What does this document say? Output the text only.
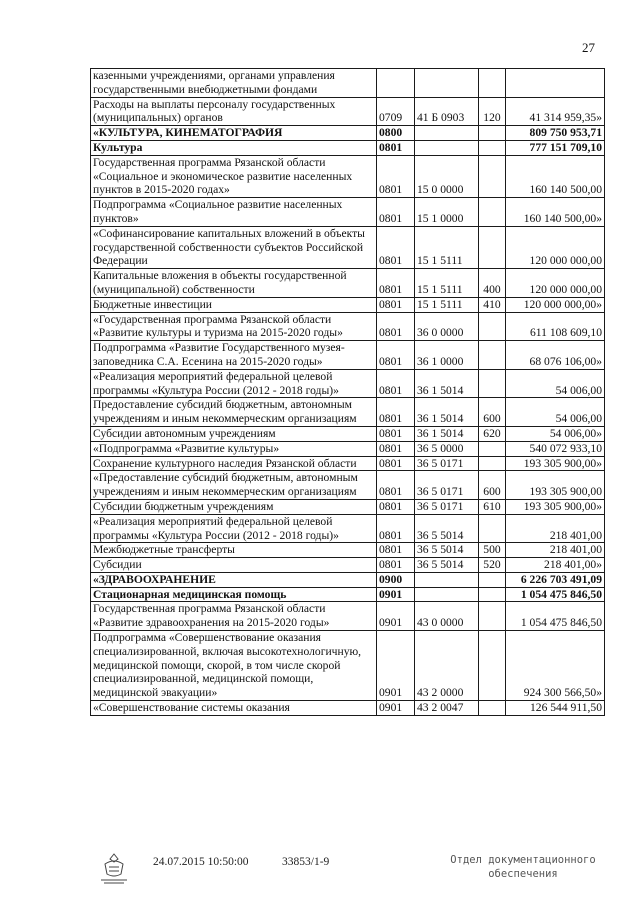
27
казенными учреждениями, органами управления государственными внебюджетными фондами				
Расходы на выплаты персоналу государственных (муниципальных) органов	0709	41 Б 0903	120	41 314 959,35»
«КУЛЬТУРА, КИНЕМАТОГРАФИЯ	0800			809 750 953,71
Культура	0801			777 151 709,10
Государственная программа Рязанской области «Социальное и экономическое развитие населенных пунктов в 2015-2020 годах»	0801	15 0 0000		160 140 500,00
Подпрограмма «Социальное развитие населенных пунктов»	0801	15 1 0000		160 140 500,00»
«Софинансирование капитальных вложений в объекты государственной собственности субъектов Российской Федерации	0801	15 1 5111		120 000 000,00
Капитальные вложения в объекты государственной (муниципальной) собственности	0801	15 1 5111	400	120 000 000,00
Бюджетные инвестиции	0801	15 1 5111	410	120 000 000,00»
«Государственная программа Рязанской области «Развитие культуры и туризма на 2015-2020 годы»	0801	36 0 0000		611 108 609,10
Подпрограмма «Развитие Государственного музея-заповедника С.А. Есенина на 2015-2020 годы»	0801	36 1 0000		68 076 106,00»
«Реализация мероприятий федеральной целевой программы «Культура России (2012 - 2018 годы)»	0801	36 1 5014		54 006,00
Предоставление субсидий бюджетным, автономным учреждениям и иным некоммерческим организациям	0801	36 1 5014	600	54 006,00
Субсидии автономным учреждениям	0801	36 1 5014	620	54 006,00»
«Подпрограмма «Развитие культуры»	0801	36 5 0000		540 072 933,10
Сохранение культурного наследия Рязанской области	0801	36 5 0171		193 305 900,00»
«Предоставление субсидий бюджетным, автономным учреждениям и иным некоммерческим организациям	0801	36 5 0171	600	193 305 900,00
Субсидии бюджетным учреждениям	0801	36 5 0171	610	193 305 900,00»
«Реализация мероприятий федеральной целевой программы «Культура России (2012 - 2018 годы)»	0801	36 5 5014		218 401,00
Межбюджетные трансферты	0801	36 5 5014	500	218 401,00
Субсидии	0801	36 5 5014	520	218 401,00»
«ЗДРАВООХРАНЕНИЕ	0900			6 226 703 491,09
Стационарная медицинская помощь	0901			1 054 475 846,50
Государственная программа Рязанской области «Развитие здравоохранения на 2015-2020 годы»	0901	43 0 0000		1 054 475 846,50
Подпрограмма «Совершенствование оказания специализированной, включая высокотехнологичную, медицинской помощи, скорой, в том числе скорой специализированной, медицинской помощи, медицинской эвакуации»	0901	43 2 0000		924 300 566,50»
«Совершенствование системы оказания	0901	43 2 0047		126 544 911,50
24.07.2015 10:50:00	33853/1-9	Отдел документационного
обеспечения
